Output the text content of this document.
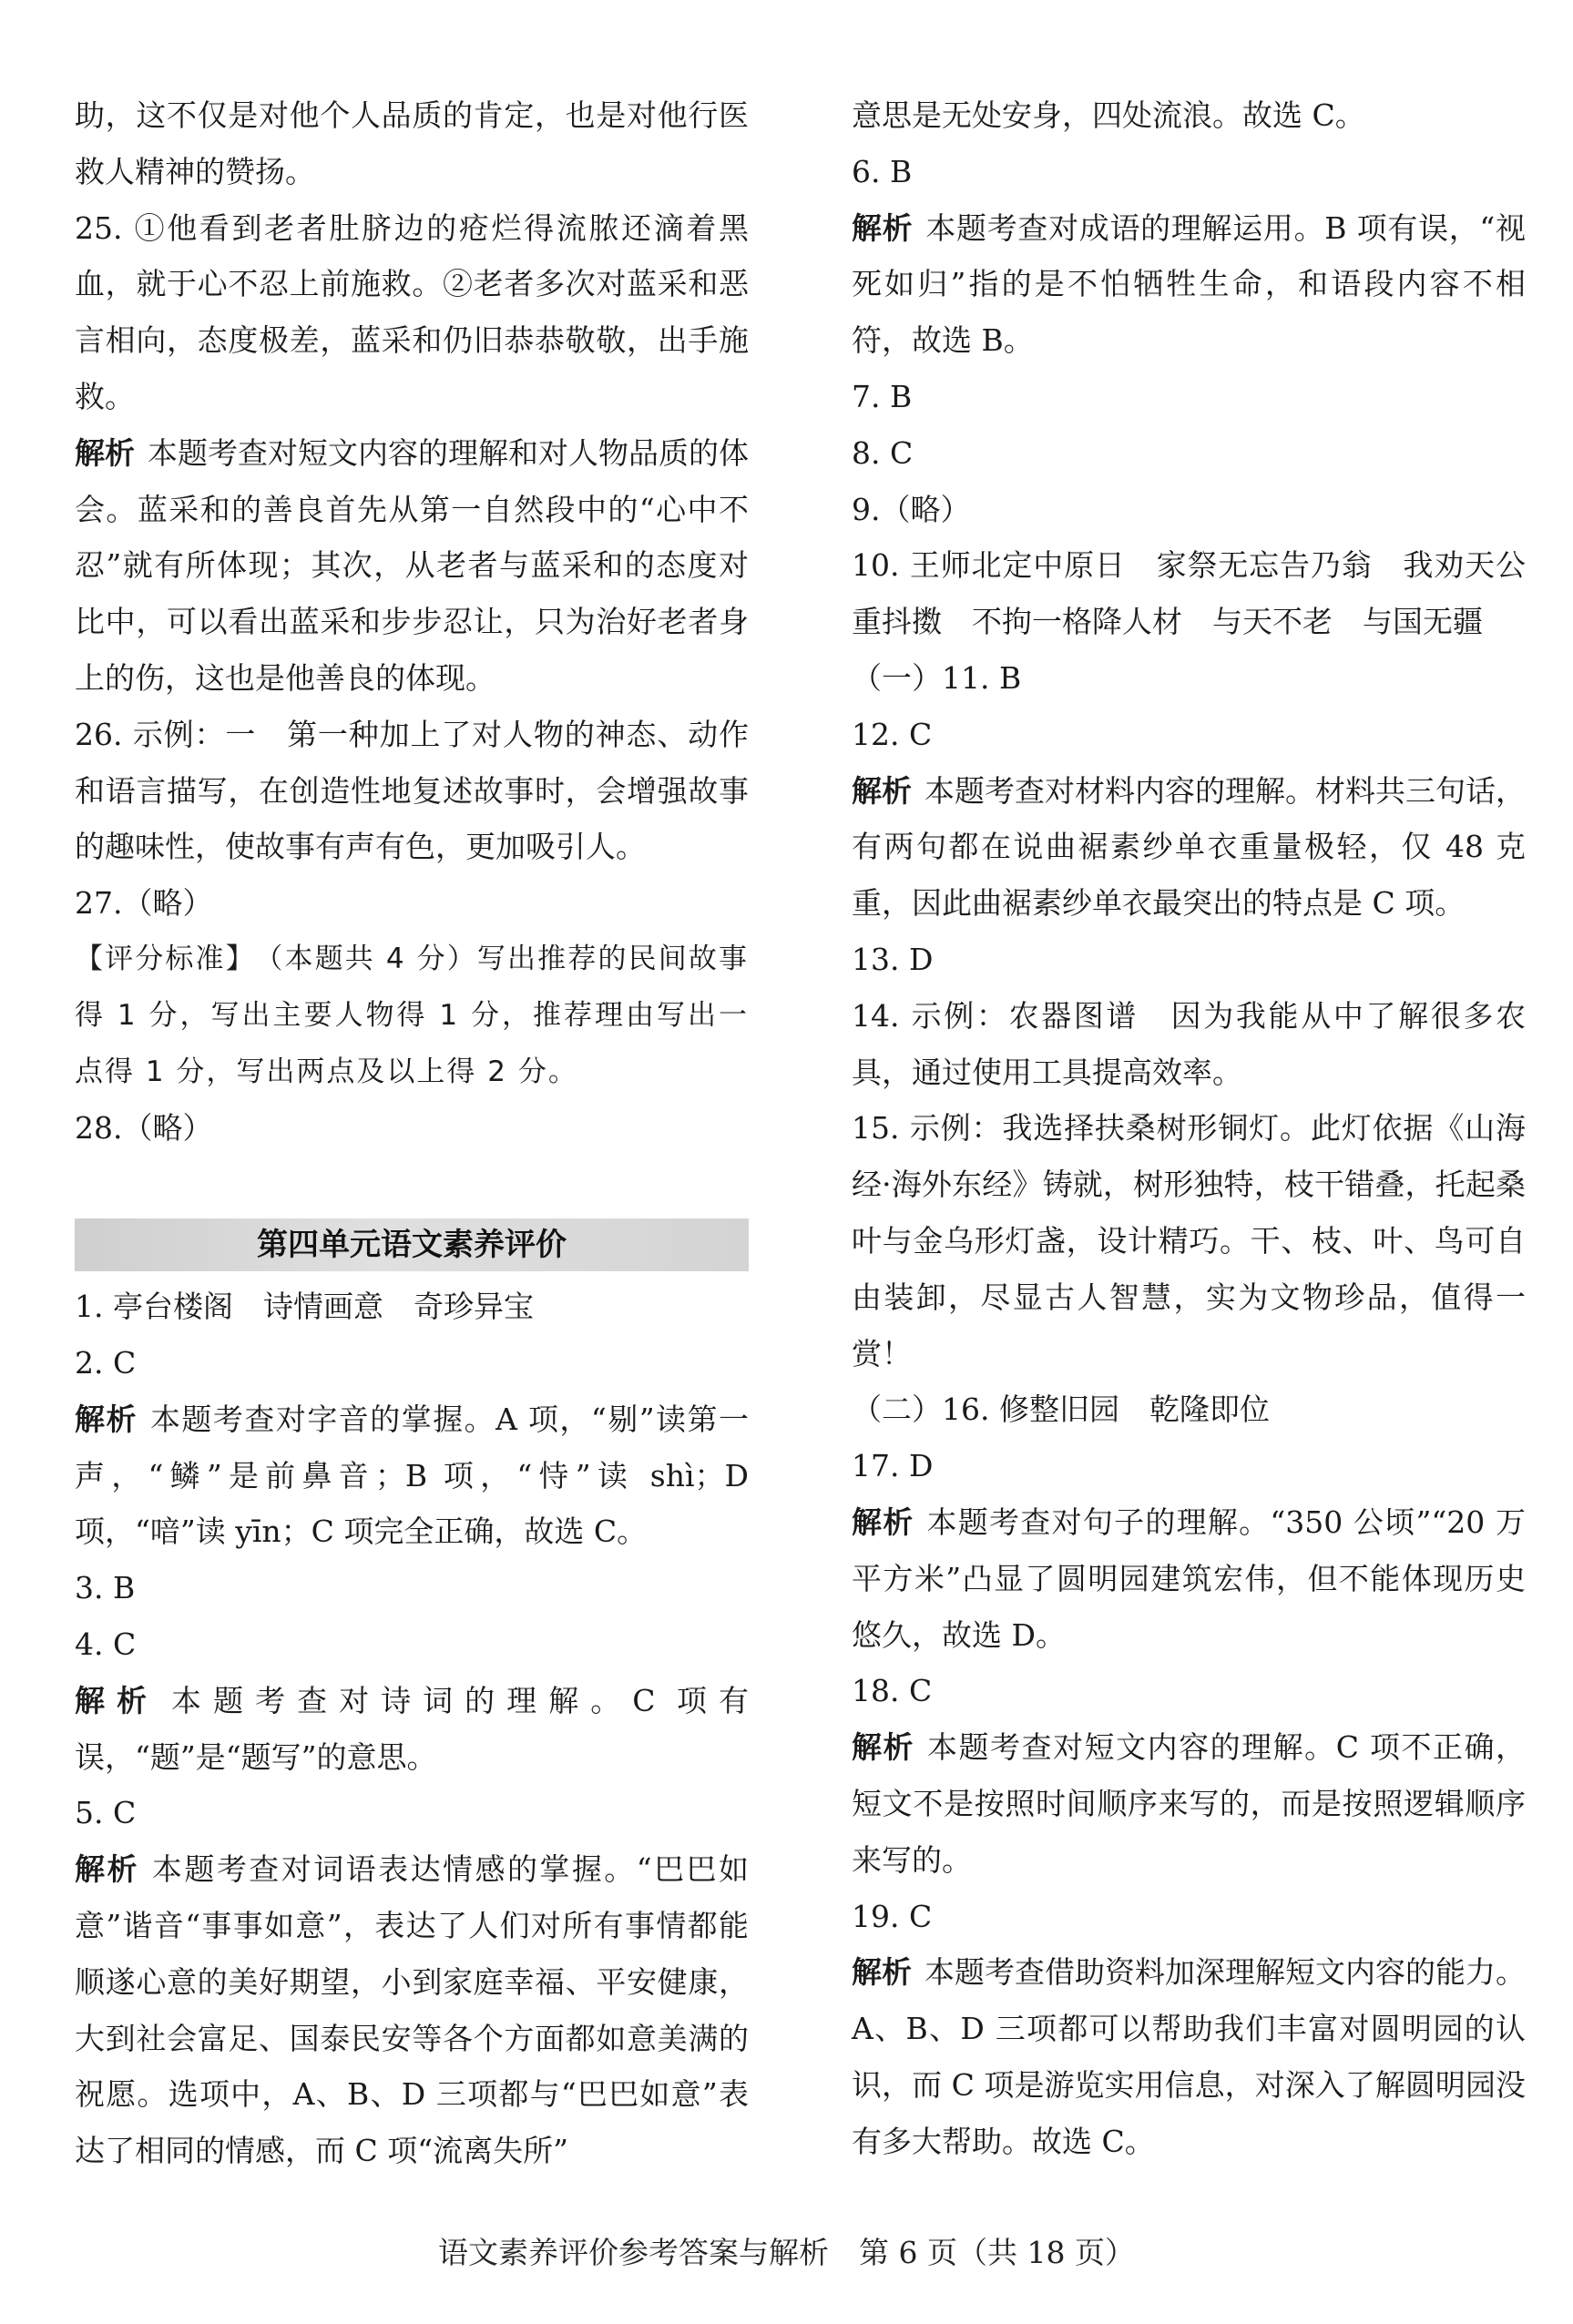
助，这不仅是对他个人品质的肯定，也是对他行医救人精神的赞扬。

25. ①他看到老者肚脐边的疮烂得流脓还滴着黑血，就于心不忍上前施救。②老者多次对蓝采和恶言相向，态度极差，蓝采和仍旧恭恭敬敬，出手施救。

解析 本题考查对短文内容的理解和对人物品质的体会。蓝采和的善良首先从第一自然段中的“心中不忍”就有所体现；其次，从老者与蓝采和的态度对比中，可以看出蓝采和步步忍让，只为治好老者身上的伤，这也是他善良的体现。

26. 示例：一　第一种加上了对人物的神态、动作和语言描写，在创造性地复述故事时，会增强故事的趣味性，使故事有声有色，更加吸引人。

27.（略）

【评分标准】 （本题共 4 分）写出推荐的民间故事得 1 分，写出主要人物得 1 分，推荐理由写出一点得 1 分，写出两点及以上得 2 分。

28.（略）

第四单元语文素养评价

1. 亭台楼阁　诗情画意　奇珍异宝

2. C

解析 本题考查对字音的掌握。A 项，“剔”读第一声，“鳞”是前鼻音；B 项，“恃”读 shì；D 项，“喑”读 yīn；C 项完全正确，故选 C。

3. B

4. C

解析 本题考查对诗词的理解。C 项有误，“题”是“题写”的意思。

5. C

解析 本题考查对词语表达情感的掌握。“巴巴如意”谐音“事事如意”，表达了人们对所有事情都能顺遂心意的美好期望，小到家庭幸福、平安健康，大到社会富足、国泰民安等各个方面都如意美满的祝愿。选项中，A、B、D 三项都与“巴巴如意”表达了相同的情感，而 C 项“流离失所”

意思是无处安身，四处流浪。故选 C。

6. B

解析 本题考查对成语的理解运用。B 项有误，“视死如归”指的是不怕牺牲生命，和语段内容不相符，故选 B。

7. B

8. C

9.（略）

10. 王师北定中原日　家祭无忘告乃翁　我劝天公重抖擞　不拘一格降人材　与天不老　与国无疆

（一）11. B

12. C

解析 本题考查对材料内容的理解。材料共三句话，有两句都在说曲裾素纱单衣重量极轻，仅 48 克重，因此曲裾素纱单衣最突出的特点是 C 项。

13. D

14. 示例：农器图谱　因为我能从中了解很多农具，通过使用工具提高效率。

15. 示例：我选择扶桑树形铜灯。此灯依据《山海经·海外东经》铸就，树形独特，枝干错叠，托起桑叶与金乌形灯盏，设计精巧。干、枝、叶、鸟可自由装卸，尽显古人智慧，实为文物珍品，值得一赏！

（二）16. 修整旧园　乾隆即位

17. D

解析 本题考查对句子的理解。“350 公顷”“20 万平方米”凸显了圆明园建筑宏伟，但不能体现历史悠久，故选 D。

18. C

解析 本题考查对短文内容的理解。C 项不正确，短文不是按照时间顺序来写的，而是按照逻辑顺序来写的。

19. C

解析 本题考查借助资料加深理解短文内容的能力。A、B、D 三项都可以帮助我们丰富对圆明园的认识，而 C 项是游览实用信息，对深入了解圆明园没有多大帮助。故选 C。

语文素养评价参考答案与解析　第 6 页（共 18 页）
